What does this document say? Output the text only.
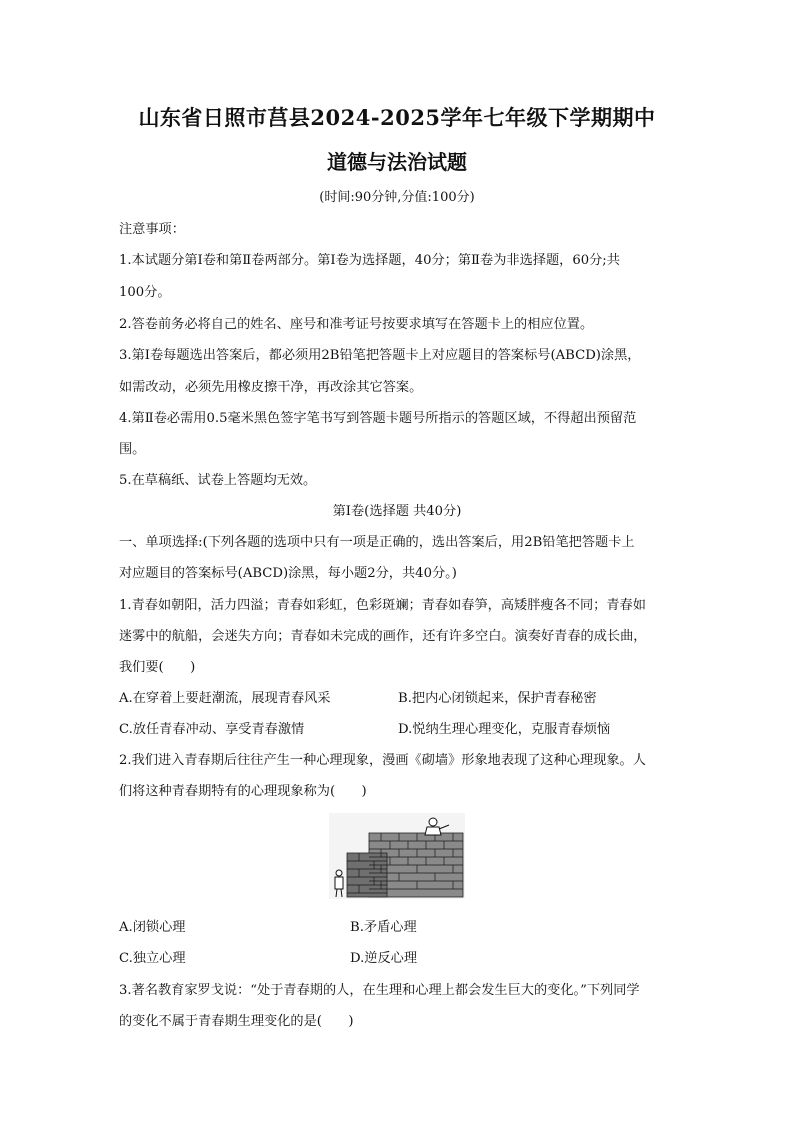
山东省日照市莒县2024-2025学年七年级下学期期中
道德与法治试题
(时间:90分钟,分值:100分)
注意事项：
1.本试题分第Ⅰ卷和第Ⅱ卷两部分。第Ⅰ卷为选择题，40分；第Ⅱ卷为非选择题，60分;共
100分。
2.答卷前务必将自己的姓名、座号和准考证号按要求填写在答题卡上的相应位置。
3.第Ⅰ卷每题选出答案后，都必须用2B铅笔把答题卡上对应题目的答案标号(ABCD)涂黑，
如需改动，必须先用橡皮擦干净，再改涂其它答案。
4.第Ⅱ卷必需用0.5毫米黑色签字笔书写到答题卡题号所指示的答题区域，不得超出预留范
围。
5.在草稿纸、试卷上答题均无效。
第Ⅰ卷(选择题 共40分)
一、单项选择:(下列各题的选项中只有一项是正确的，选出答案后，用2B铅笔把答题卡上
对应题目的答案标号(ABCD)涂黑，每小题2分，共40分。)
1.青春如朝阳，活力四溢；青春如彩虹，色彩斑斓；青春如春笋，高矮胖瘦各不同；青春如
迷雾中的航船，会迷失方向；青春如未完成的画作，还有许多空白。演奏好青春的成长曲，
我们要(　　)
A.在穿着上要赶潮流，展现青春风采	B.把内心闭锁起来，保护青春秘密
C.放任青春冲动、享受青春激情	D.悦纳生理心理变化，克服青春烦恼
2.我们进入青春期后往往产生一种心理现象，漫画《砌墙》形象地表现了这种心理现象。人
们将这种青春期特有的心理现象称为(　　)
A.闭锁心理	B.矛盾心理
C.独立心理	D.逆反心理
3.著名教育家罗戈说：“处于青春期的人，在生理和心理上都会发生巨大的变化。”下列同学
的变化不属于青春期生理变化的是(　　)
